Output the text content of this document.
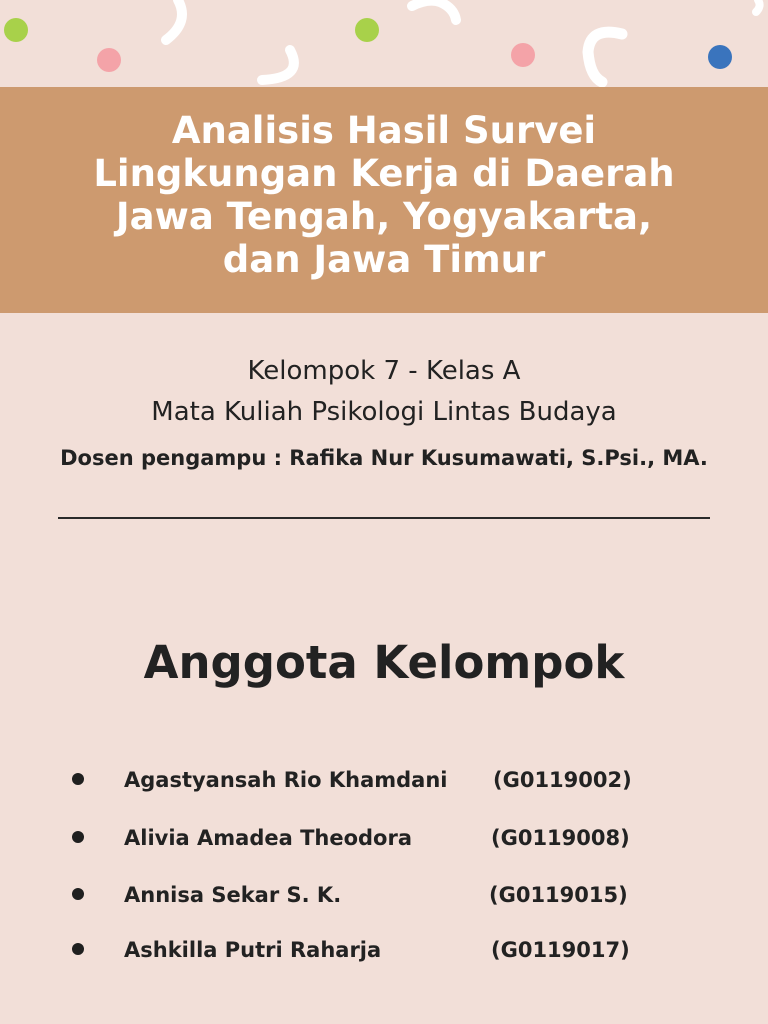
Analisis Hasil Survei
Lingkungan Kerja di Daerah
Jawa Tengah, Yogyakarta,
dan Jawa Timur
Kelompok 7 - Kelas A
Mata Kuliah Psikologi Lintas Budaya
Dosen pengampu : Rafika Nur Kusumawati, S.Psi., MA.
Anggota Kelompok
Agastyansah Rio Khamdani (G0119002)
Alivia Amadea Theodora	(G0119008)
Annisa Sekar S. K.	(G0119015)
Ashkilla Putri Raharja	(G0119017)
